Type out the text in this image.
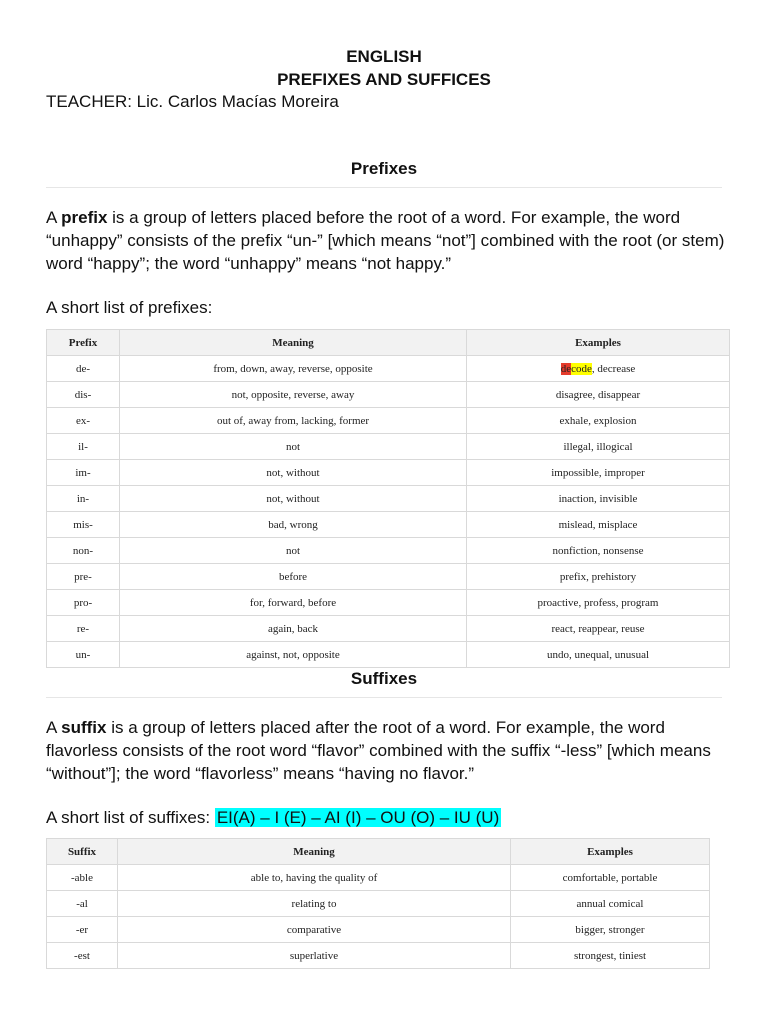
ENGLISH
PREFIXES AND SUFFICES
TEACHER: Lic. Carlos Macías Moreira
Prefixes
A prefix is a group of letters placed before the root of a word. For example, the word “unhappy” consists of the prefix “un-” [which means “not”] combined with the root (or stem) word “happy”; the word “unhappy” means “not happy.”
A short list of prefixes:
Prefix	Meaning	Examples
de-	from, down, away, reverse, opposite	decode, decrease
dis-	not, opposite, reverse, away	disagree, disappear
ex-	out of, away from, lacking, former	exhale, explosion
il-	not	illegal, illogical
im-	not, without	impossible, improper
in-	not, without	inaction, invisible
mis-	bad, wrong	mislead, misplace
non-	not	nonfiction, nonsense
pre-	before	prefix, prehistory
pro-	for, forward, before	proactive, profess, program
re-	again, back	react, reappear, reuse
un-	against, not, opposite	undo, unequal, unusual
Suffixes
A suffix is a group of letters placed after the root of a word. For example, the word flavorless consists of the root word “flavor” combined with the suffix “-less” [which means “without”]; the word “flavorless” means “having no flavor.”
A short list of suffixes: EI(A) – I (E) – AI (I) – OU (O) – IU (U)
Suffix	Meaning	Examples
-able	able to, having the quality of	comfortable, portable
-al	relating to	annual comical
-er	comparative	bigger, stronger
-est	superlative	strongest, tiniest
